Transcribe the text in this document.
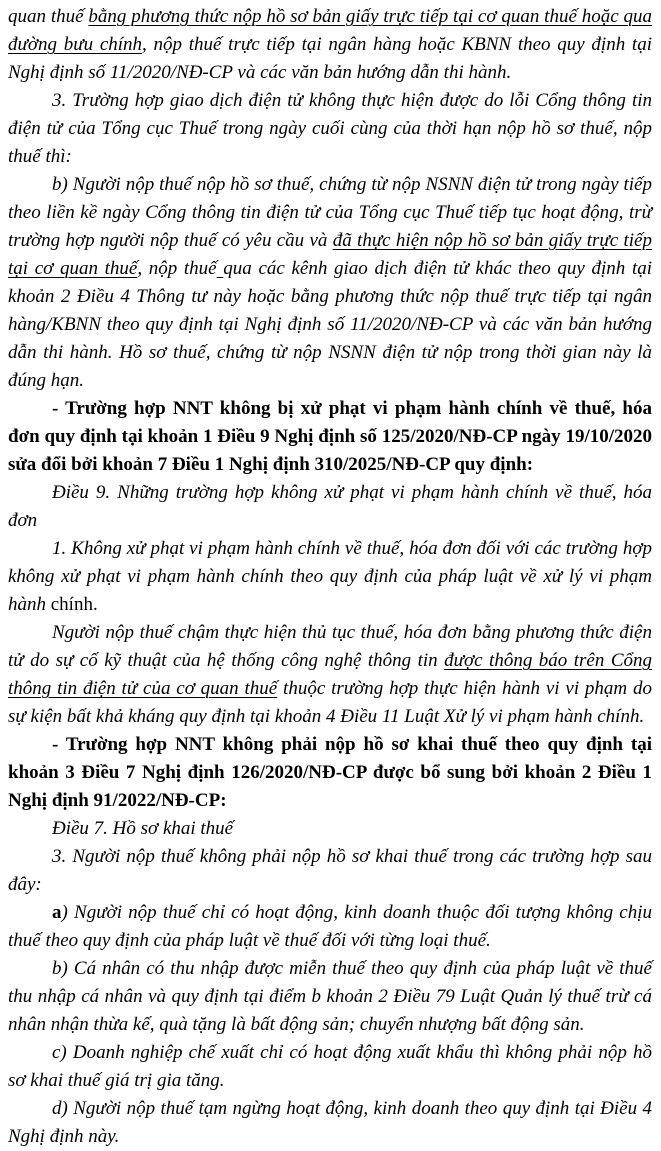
quan thuế bằng phương thức nộp hồ sơ bản giấy trực tiếp tại cơ quan thuế hoặc qua đường bưu chính, nộp thuế trực tiếp tại ngân hàng hoặc KBNN theo quy định tại Nghị định số 11/2020/NĐ-CP và các văn bản hướng dẫn thi hành.

3. Trường hợp giao dịch điện tử không thực hiện được do lỗi Cổng thông tin điện tử của Tổng cục Thuế trong ngày cuối cùng của thời hạn nộp hồ sơ thuế, nộp thuế thì:

b) Người nộp thuế nộp hồ sơ thuế, chứng từ nộp NSNN điện tử trong ngày tiếp theo liền kề ngày Cổng thông tin điện tử của Tổng cục Thuế tiếp tục hoạt động, trừ trường hợp người nộp thuế có yêu cầu và đã thực hiện nộp hồ sơ bản giấy trực tiếp tại cơ quan thuế, nộp thuế qua các kênh giao dịch điện tử khác theo quy định tại khoản 2 Điều 4 Thông tư này hoặc bằng phương thức nộp thuế trực tiếp tại ngân hàng/KBNN theo quy định tại Nghị định số 11/2020/NĐ-CP và các văn bản hướng dẫn thi hành. Hồ sơ thuế, chứng từ nộp NSNN điện tử nộp trong thời gian này là đúng hạn.

- Trường hợp NNT không bị xử phạt vi phạm hành chính về thuế, hóa đơn quy định tại khoản 1 Điều 9 Nghị định số 125/2020/NĐ-CP ngày 19/10/2020 sửa đổi bởi khoản 7 Điều 1 Nghị định 310/2025/NĐ-CP quy định:

Điều 9. Những trường hợp không xử phạt vi phạm hành chính về thuế, hóa đơn

1. Không xử phạt vi phạm hành chính về thuế, hóa đơn đối với các trường hợp không xử phạt vi phạm hành chính theo quy định của pháp luật về xử lý vi phạm hành chính.

Người nộp thuế chậm thực hiện thủ tục thuế, hóa đơn bằng phương thức điện tử do sự cố kỹ thuật của hệ thống công nghệ thông tin được thông báo trên Cổng thông tin điện tử của cơ quan thuế thuộc trường hợp thực hiện hành vi vi phạm do sự kiện bất khả kháng quy định tại khoản 4 Điều 11 Luật Xử lý vi phạm hành chính.

- Trường hợp NNT không phải nộp hồ sơ khai thuế theo quy định tại khoản 3 Điều 7 Nghị định 126/2020/NĐ-CP được bổ sung bởi khoản 2 Điều 1 Nghị định 91/2022/NĐ-CP:

Điều 7. Hồ sơ khai thuế

3. Người nộp thuế không phải nộp hồ sơ khai thuế trong các trường hợp sau đây:

a) Người nộp thuế chỉ có hoạt động, kinh doanh thuộc đối tượng không chịu thuế theo quy định của pháp luật về thuế đối với từng loại thuế.

b) Cá nhân có thu nhập được miễn thuế theo quy định của pháp luật về thuế thu nhập cá nhân và quy định tại điểm b khoản 2 Điều 79 Luật Quản lý thuế trừ cá nhân nhận thừa kế, quà tặng là bất động sản; chuyển nhượng bất động sản.

c) Doanh nghiệp chế xuất chỉ có hoạt động xuất khẩu thì không phải nộp hồ sơ khai thuế giá trị gia tăng.

d) Người nộp thuế tạm ngừng hoạt động, kinh doanh theo quy định tại Điều 4 Nghị định này.
